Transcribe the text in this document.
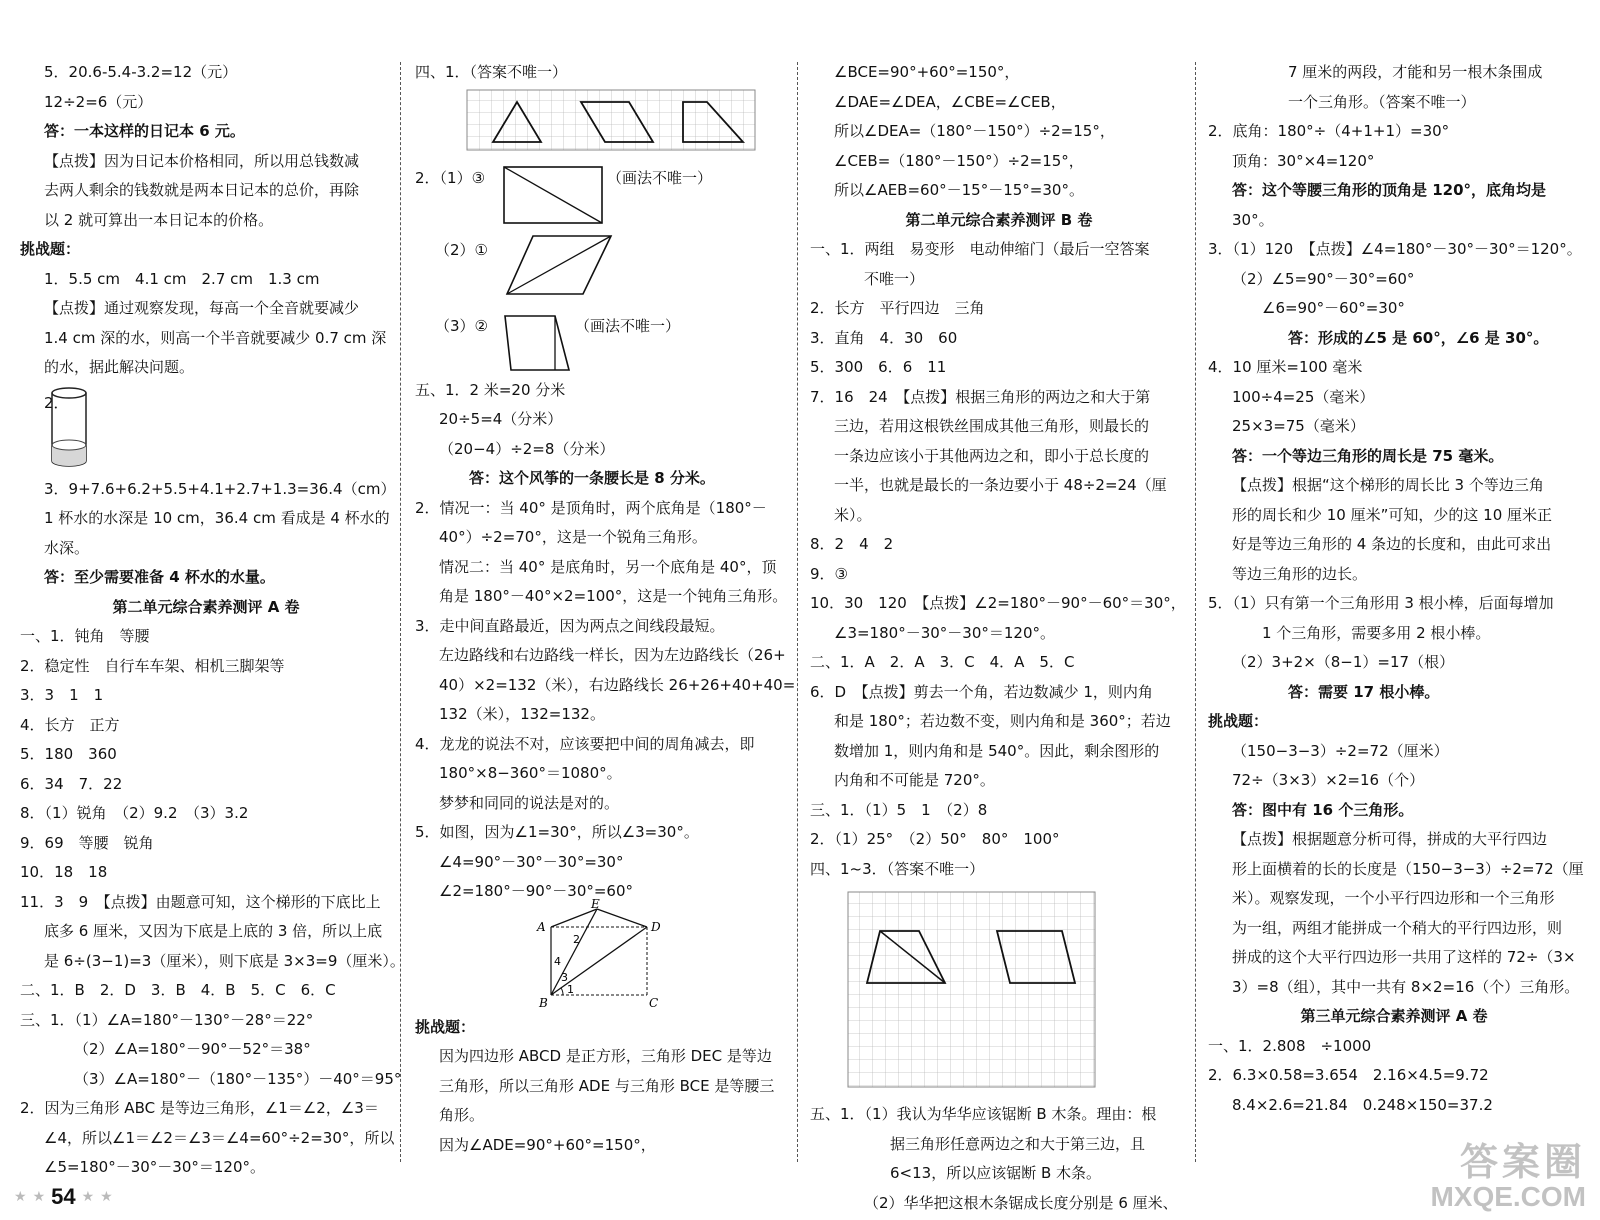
5．20.6-5.4-3.2=12（元）
12÷2=6（元）
答：一本这样的日记本 6 元。
【点拨】因为日记本价格相同，所以用总钱数减
去两人剩余的钱数就是两本日记本的总价，再除
以 2 就可算出一本日记本的价格。
挑战题：
1．5.5 cm　4.1 cm　2.7 cm　1.3 cm
【点拨】通过观察发现，每高一个全音就要减少
1.4 cm 深的水，则高一个半音就要减少 0.7 cm 深
的水，据此解决问题。
2．
3．9+7.6+6.2+5.5+4.1+2.7+1.3=36.4（cm）
1 杯水的水深是 10 cm，36.4 cm 看成是 4 杯水的
水深。
答：至少需要准备 4 杯水的水量。
第二单元综合素养测评 A 卷
一、1．钝角　等腰
2．稳定性　自行车车架、相机三脚架等
3．3　1　1
4．长方　正方
5．180　360
6．34　7．22
8．（1）锐角　（2）9.2　（3）3.2
9．69　等腰　锐角
10．18　18
11．3　9　【点拨】由题意可知，这个梯形的下底比上
底多 6 厘米，又因为下底是上底的 3 倍，所以上底
是 6÷(3−1)=3（厘米），则下底是 3×3=9（厘米）。
二、1．B　2．D　3．B　4．B　5．C　6．C
三、1．（1）∠A=180°－130°－28°＝22°
（2）∠A=180°－90°－52°＝38°
（3）∠A=180°－（180°－135°）－40°＝95°
2．因为三角形 ABC 是等边三角形，∠1＝∠2，∠3＝
∠4，所以∠1＝∠2＝∠3＝∠4=60°÷2=30°，所以
∠5=180°－30°－30°＝120°。
四、1．（答案不唯一）
2．（1）③	（画法不唯一）
（2）①
（3）②	（画法不唯一）
五、1．2 米=20 分米
20÷5=4（分米）
（20−4）÷2=8（分米）
答：这个风筝的一条腰长是 8 分米。
2．情况一：当 40° 是顶角时，两个底角是（180°－
40°）÷2=70°，这是一个锐角三角形。
情况二：当 40° 是底角时，另一个底角是 40°，顶
角是 180°－40°×2=100°，这是一个钝角三角形。
3．走中间直路最近，因为两点之间线段最短。
左边路线和右边路线一样长，因为左边路线长（26+
40）×2=132（米），右边路线长 26+26+40+40=
132（米），132=132。
4．龙龙的说法不对，应该要把中间的周角减去，即
180°×8−360°＝1080°。
梦梦和同同的说法是对的。
5．如图，因为∠1=30°，所以∠3=30°。
∠4=90°－30°－30°=30°
∠2=180°－90°－30°=60°
E
A	D
B	C
1
2
3
4
挑战题：
因为四边形 ABCD 是正方形，三角形 DEC 是等边
三角形，所以三角形 ADE 与三角形 BCE 是等腰三
角形。
因为∠ADE=90°+60°=150°，
∠BCE=90°+60°=150°，
∠DAE=∠DEA，∠CBE=∠CEB，
所以∠DEA=（180°－150°）÷2=15°，
∠CEB=（180°－150°）÷2=15°，
所以∠AEB=60°－15°－15°=30°。
第二单元综合素养测评 B 卷
一、1．两组　易变形　电动伸缩门（最后一空答案
不唯一）
2．长方　平行四边　三角
3．直角　4．30　60
5．300　6．6　11
7．16　24　【点拨】根据三角形的两边之和大于第
三边，若用这根铁丝围成其他三角形，则最长的
一条边应该小于其他两边之和，即小于总长度的
一半，也就是最长的一条边要小于 48÷2=24（厘
米）。
8．2　4　2
9．③
10．30　120　【点拨】∠2=180°－90°－60°＝30°，
∠3=180°－30°－30°＝120°。
二、1．A　2．A　3．C　4．A　5．C
6．D　【点拨】剪去一个角，若边数减少 1，则内角
和是 180°；若边数不变，则内角和是 360°；若边
数增加 1，则内角和是 540°。因此，剩余图形的
内角和不可能是 720°。
三、1．（1）5　1　（2）8
2．（1）25°　（2）50°　80°　100°
四、1~3．（答案不唯一）
五、1．（1）我认为华华应该锯断 B 木条。理由：根
据三角形任意两边之和大于第三边，且
6<13，所以应该锯断 B 木条。
（2）华华把这根木条锯成长度分别是 6 厘米、
7 厘米的两段，才能和另一根木条围成
一个三角形。（答案不唯一）
2．底角：180°÷（4+1+1）=30°
顶角：30°×4=120°
答：这个等腰三角形的顶角是 120°，底角均是
30°。
3．（1）120　【点拨】∠4=180°－30°－30°＝120°。
（2）∠5=90°－30°=60°
∠6=90°－60°=30°
答：形成的∠5 是 60°，∠6 是 30°。
4．10 厘米=100 毫米
100÷4=25（毫米）
25×3=75（毫米）
答：一个等边三角形的周长是 75 毫米。
【点拨】根据“这个梯形的周长比 3 个等边三角
形的周长和少 10 厘米”可知，少的这 10 厘米正
好是等边三角形的 4 条边的长度和，由此可求出
等边三角形的边长。
5．（1）只有第一个三角形用 3 根小棒，后面每增加
1 个三角形，需要多用 2 根小棒。
（2）3+2×（8−1）=17（根）
答：需要 17 根小棒。
挑战题：
（150−3−3）÷2=72（厘米）
72÷（3×3）×2=16（个）
答：图中有 16 个三角形。
【点拨】根据题意分析可得，拼成的大平行四边
形上面横着的长的长度是（150−3−3）÷2=72（厘
米）。观察发现，一个小平行四边形和一个三角形
为一组，两组才能拼成一个稍大的平行四边形，则
拼成的这个大平行四边形一共用了这样的 72÷（3×
3）=8（组），其中一共有 8×2=16（个）三角形。
第三单元综合素养测评 A 卷
一、1．2.808　÷1000
2．6.3×0.58=3.654　2.16×4.5=9.72
8.4×2.6=21.84　0.248×150=37.2
★ ★ 54 ★ ★
答案圈
MXQE.COM
